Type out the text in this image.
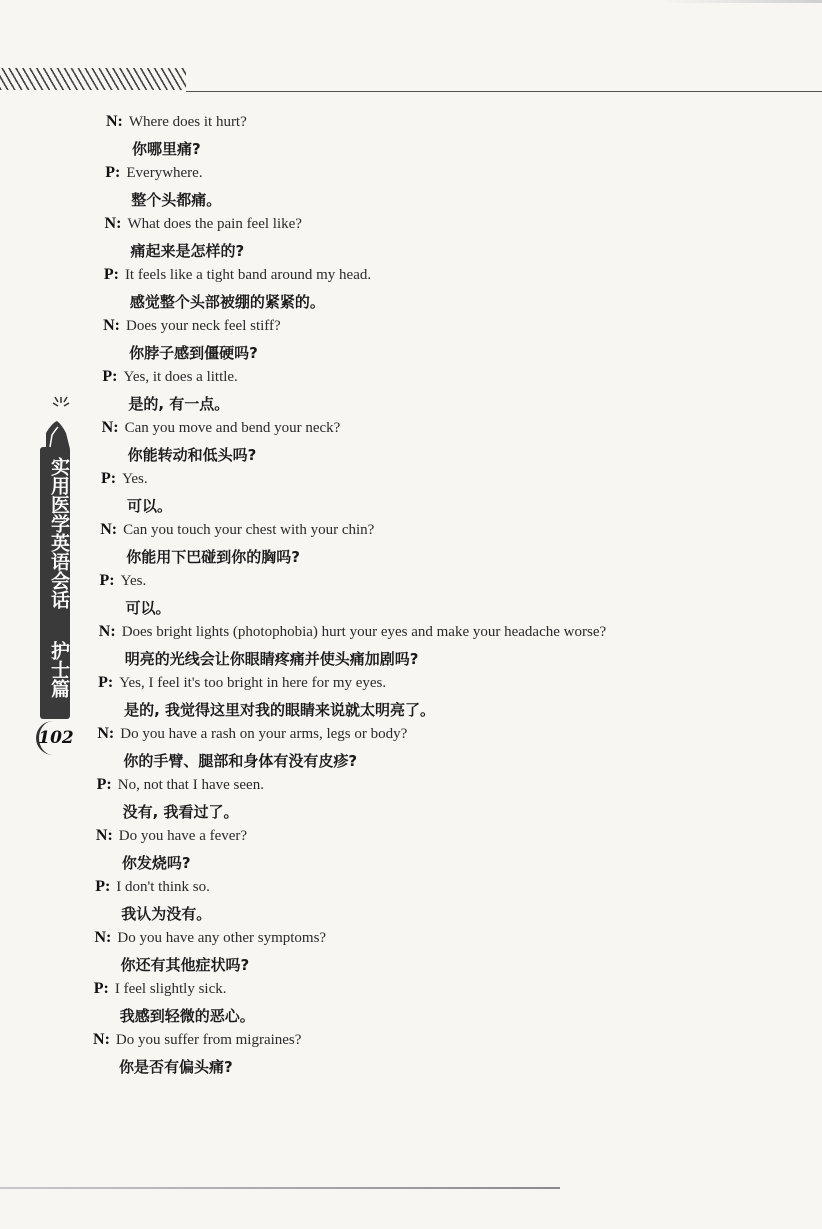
实用医学英语会话
护士篇
102
N: Where does it hurt?
你哪里痛?
P: Everywhere.
整个头都痛。
N: What does the pain feel like?
痛起来是怎样的?
P: It feels like a tight band around my head.
感觉整个头部被绷的紧紧的。
N: Does your neck feel stiff?
你脖子感到僵硬吗?
P: Yes, it does a little.
是的, 有一点。
N: Can you move and bend your neck?
你能转动和低头吗?
P: Yes.
可以。
N: Can you touch your chest with your chin?
你能用下巴碰到你的胸吗?
P: Yes.
可以。
N: Does bright lights (photophobia) hurt your eyes and make your headache worse?
明亮的光线会让你眼睛疼痛并使头痛加剧吗?
P: Yes, I feel it's too bright in here for my eyes.
是的, 我觉得这里对我的眼睛来说就太明亮了。
N: Do you have a rash on your arms, legs or body?
你的手臂、腿部和身体有没有皮疹?
P: No, not that I have seen.
没有, 我看过了。
N: Do you have a fever?
你发烧吗?
P: I don't think so.
我认为没有。
N: Do you have any other symptoms?
你还有其他症状吗?
P: I feel slightly sick.
我感到轻微的恶心。
N: Do you suffer from migraines?
你是否有偏头痛?
